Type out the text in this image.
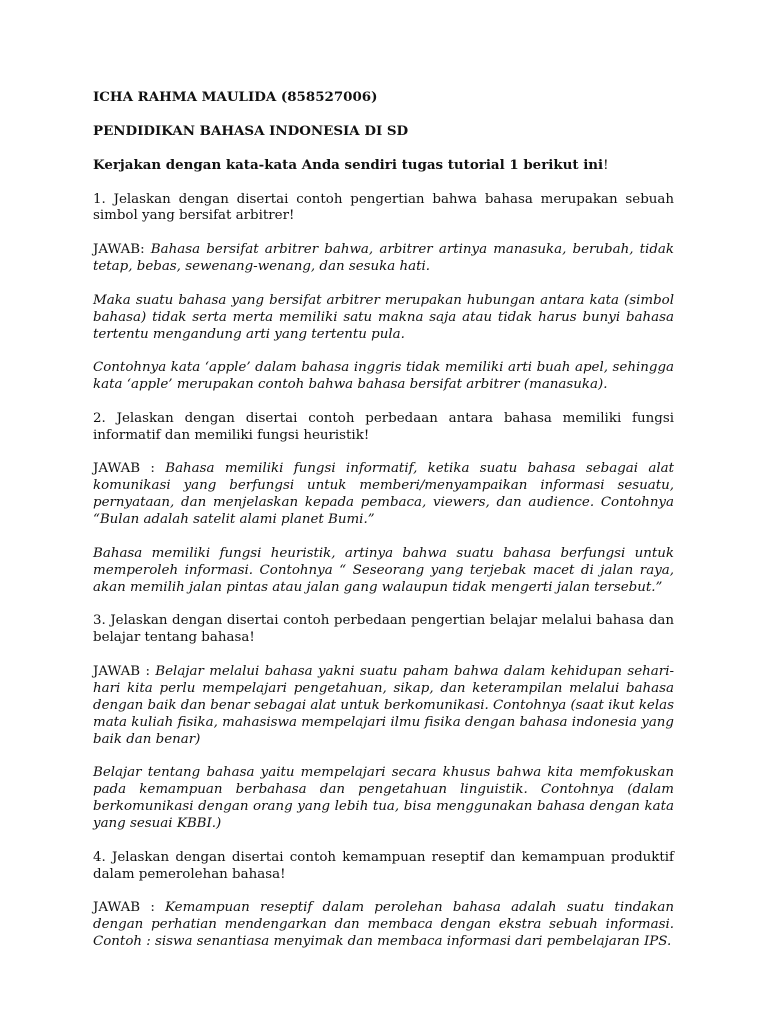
ICHA RAHMA MAULIDA (858527006)

PENDIDIKAN BAHASA INDONESIA DI SD

Kerjakan dengan kata-kata Anda sendiri tugas tutorial 1 berikut ini!

1. Jelaskan dengan disertai contoh pengertian bahwa bahasa merupakan sebuah simbol yang bersifat arbitrer!

JAWAB: Bahasa bersifat arbitrer bahwa, arbitrer artinya manasuka, berubah, tidak tetap, bebas, sewenang-wenang, dan sesuka hati.

Maka suatu bahasa yang bersifat arbitrer merupakan hubungan antara kata (simbol bahasa) tidak serta merta memiliki satu makna saja atau tidak harus bunyi bahasa tertentu mengandung arti yang tertentu pula.

Contohnya kata ‘apple’ dalam bahasa inggris tidak memiliki arti buah apel, sehingga kata ‘apple’ merupakan contoh bahwa bahasa bersifat arbitrer (manasuka).

2. Jelaskan dengan disertai contoh perbedaan antara bahasa memiliki fungsi informatif dan memiliki fungsi heuristik!

JAWAB : Bahasa memiliki fungsi informatif, ketika suatu bahasa sebagai alat komunikasi yang berfungsi untuk memberi/menyampaikan informasi sesuatu, pernyataan, dan menjelaskan kepada pembaca, viewers, dan audience. Contohnya “Bulan adalah satelit alami planet Bumi.”

Bahasa memiliki fungsi heuristik, artinya bahwa suatu bahasa berfungsi untuk memperoleh informasi. Contohnya “ Seseorang yang terjebak macet di jalan raya, akan memilih jalan pintas atau jalan gang walaupun tidak mengerti jalan tersebut.”

3. Jelaskan dengan disertai contoh perbedaan pengertian belajar melalui bahasa dan belajar tentang bahasa!

JAWAB : Belajar melalui bahasa yakni suatu paham bahwa dalam kehidupan sehari-hari kita perlu mempelajari pengetahuan, sikap, dan keterampilan melalui bahasa dengan baik dan benar sebagai alat untuk berkomunikasi. Contohnya (saat ikut kelas mata kuliah fisika, mahasiswa mempelajari ilmu fisika dengan bahasa indonesia yang baik dan benar)

Belajar tentang bahasa yaitu mempelajari secara khusus bahwa kita memfokuskan pada kemampuan berbahasa dan pengetahuan linguistik. Contohnya (dalam berkomunikasi dengan orang yang lebih tua, bisa menggunakan bahasa dengan kata yang sesuai KBBI.)

4. Jelaskan dengan disertai contoh kemampuan reseptif dan kemampuan produktif dalam pemerolehan bahasa!

JAWAB : Kemampuan reseptif dalam perolehan bahasa adalah suatu tindakan dengan perhatian mendengarkan dan membaca dengan ekstra sebuah informasi. Contoh : siswa senantiasa menyimak dan membaca informasi dari pembelajaran IPS.
